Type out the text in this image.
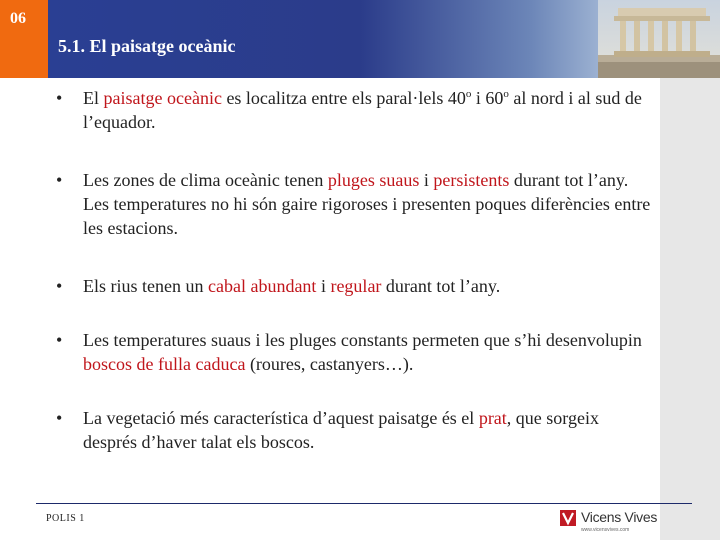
06
5.1. El paisatge oceànic

• El paisatge oceànic es localitza entre els paral·lels 40$^o$ i 60$^o$ al nord i al sud de l’equador.

• Les zones de clima oceànic tenen pluges suaus i persistents durant tot l’any. Les temperatures no hi són gaire rigoroses i presenten poques diferències entre les estacions.

• Els rius tenen un cabal abundant i regular durant tot l’any.

• Les temperatures suaus i les pluges constants permeten que s’hi desenvolupin boscos de fulla caduca (roures, castanyers…).

• La vegetació més característica d’aquest paisatge és el prat, que sorgeix després d’haver talat els boscos.

POLIS 1	Vicens Vives
www.vicensvives.com
